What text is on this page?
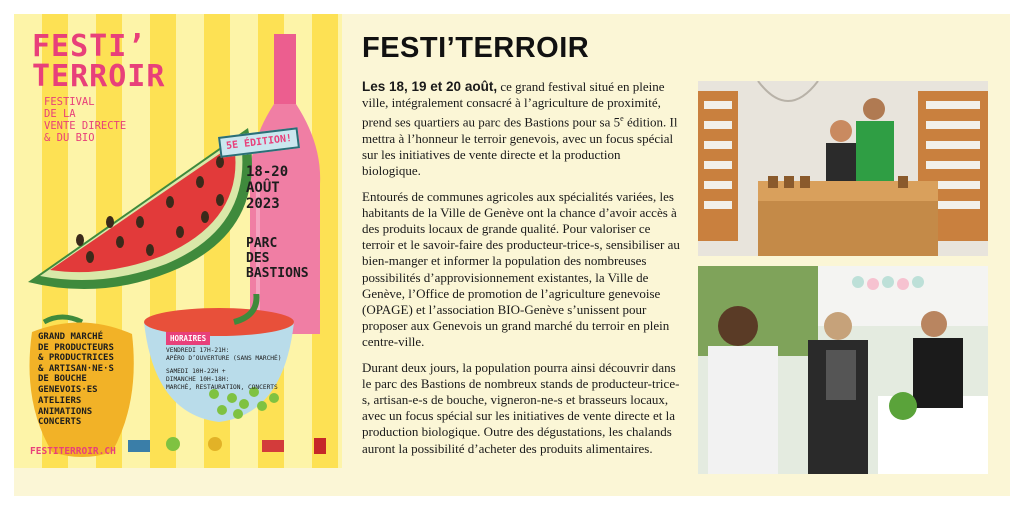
FESTI’
TERROIR
FESTIVAL
DE LA
VENTE DIRECTE
& DU BIO	5E ÉDITION!
18-20
AOÛT
2023
PARC
DES
BASTIONS
GRAND MARCHÉ
DE PRODUCTEURS
& PRODUCTRICES
& ARTISAN·NE·S
DE BOUCHE
GENEVOIS·ES
ATELIERS
ANIMATIONS
CONCERTS
HORAIRES
VENDREDI 17H-21H:
APÉRO D’OUVERTURE (SANS MARCHÉ)
SAMEDI 10H-22H +
DIMANCHE 10H-18H:
MARCHÉ, RESTAURATION, CONCERTS
FESTITERROIR.CH
FESTI’TERROIR

Les 18, 19 et 20 août, ce grand festival situé en pleine ville, intégralement consacré à l’agriculture de proximité, prend ses quartiers au parc des Bastions pour sa 5e édition. Il mettra à l’honneur le terroir genevois, avec un focus spécial sur les initiatives de vente directe et la production biologique.

Entourés de communes agricoles aux spécialités variées, les habitants de la Ville de Genève ont la chance d’avoir accès à des produits locaux de grande qualité. Pour valoriser ce terroir et le savoir-faire des producteur-trice-s, sensibiliser au bien-manger et informer la population des nombreuses possibilités d’approvisionnement existantes, la Ville de Genève, l’Office de promotion de l’agriculture genevoise (OPAGE) et l’association BIO-Genève s’unissent pour proposer aux Genevois un grand marché du terroir en plein centre-ville.

Durant deux jours, la population pourra ainsi découvrir dans le parc des Bastions de nombreux stands de producteur-trice-s, artisan-e-s de bouche, vigneron-ne-s et brasseurs locaux, avec un focus spécial sur les initiatives de vente directe et la production biologique. Outre des dégustations, les chalands auront la possibilité d’acheter des produits alimentaires.
